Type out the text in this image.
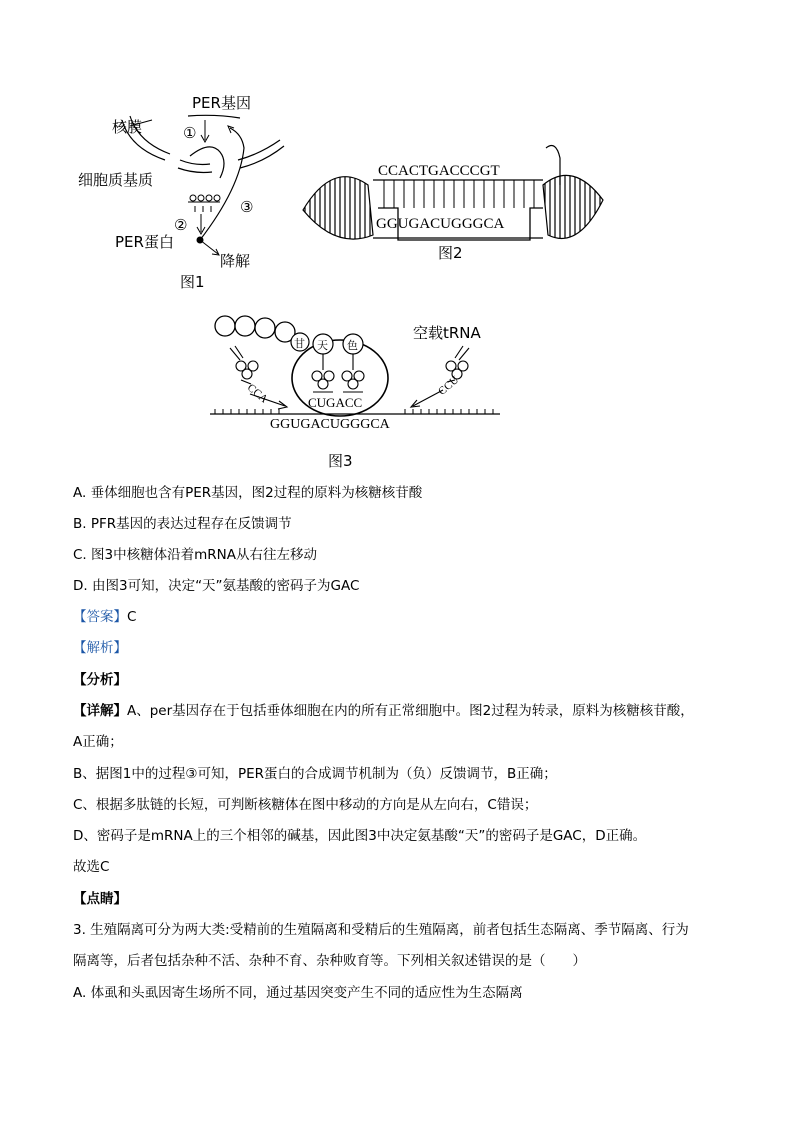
PER基因
核膜	①
细胞质基质
②
③
PER蛋白
降解
图1
CCACTGACCCGT
GGUGACUGGGCA
图2
甘 天 色
空载tRNA
CCA	CCU
CUGACC
GGUGACUGGGCA
图3
A. 垂体细胞也含有PER基因，图2过程的原料为核糖核苷酸
B. PFR基因的表达过程存在反馈调节
C. 图3中核糖体沿着mRNA从右往左移动
D. 由图3可知，决定“天”氨基酸的密码子为GAC
【答案】C
【解析】
【分析】
【详解】A、per基因存在于包括垂体细胞在内的所有正常细胞中。图2过程为转录，原料为核糖核苷酸，
A正确；
B、据图1中的过程③可知，PER蛋白的合成调节机制为（负）反馈调节，B正确；
C、根据多肽链的长短，可判断核糖体在图中移动的方向是从左向右，C错误；
D、密码子是mRNA上的三个相邻的碱基，因此图3中决定氨基酸“天”的密码子是GAC，D正确。
故选C
【点睛】
3. 生殖隔离可分为两大类:受精前的生殖隔离和受精后的生殖隔离，前者包括生态隔离、季节隔离、行为
隔离等，后者包括杂种不活、杂种不育、杂种败育等。下列相关叙述错误的是（　　）
A. 体虱和头虱因寄生场所不同，通过基因突变产生不同的适应性为生态隔离
